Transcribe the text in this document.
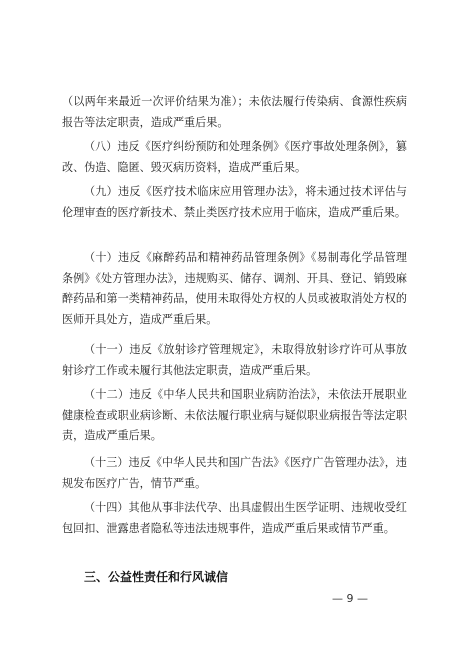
（以两年来最近一次评价结果为准）；未依法履行传染病、食源性疾病报告等法定职责，造成严重后果。

（八）违反《医疗纠纷预防和处理条例》《医疗事故处理条例》，篡改、伪造、隐匿、毁灭病历资料，造成严重后果。

（九）违反《医疗技术临床应用管理办法》，将未通过技术评估与伦理审查的医疗新技术、禁止类医疗技术应用于临床，造成严重后果。

（十）违反《麻醉药品和精神药品管理条例》《易制毒化学品管理条例》《处方管理办法》，违规购买、储存、调剂、开具、登记、销毁麻醉药品和第一类精神药品，使用未取得处方权的人员或被取消处方权的医师开具处方，造成严重后果。

（十一）违反《放射诊疗管理规定》，未取得放射诊疗许可从事放射诊疗工作或未履行其他法定职责，造成严重后果。

（十二）违反《中华人民共和国职业病防治法》，未依法开展职业健康检查或职业病诊断、未依法履行职业病与疑似职业病报告等法定职责，造成严重后果。

（十三）违反《中华人民共和国广告法》《医疗广告管理办法》，违规发布医疗广告，情节严重。

（十四）其他从事非法代孕、出具虚假出生医学证明、违规收受红包回扣、泄露患者隐私等违法违规事件，造成严重后果或情节严重。

三、公益性责任和行风诚信

— 9 —
